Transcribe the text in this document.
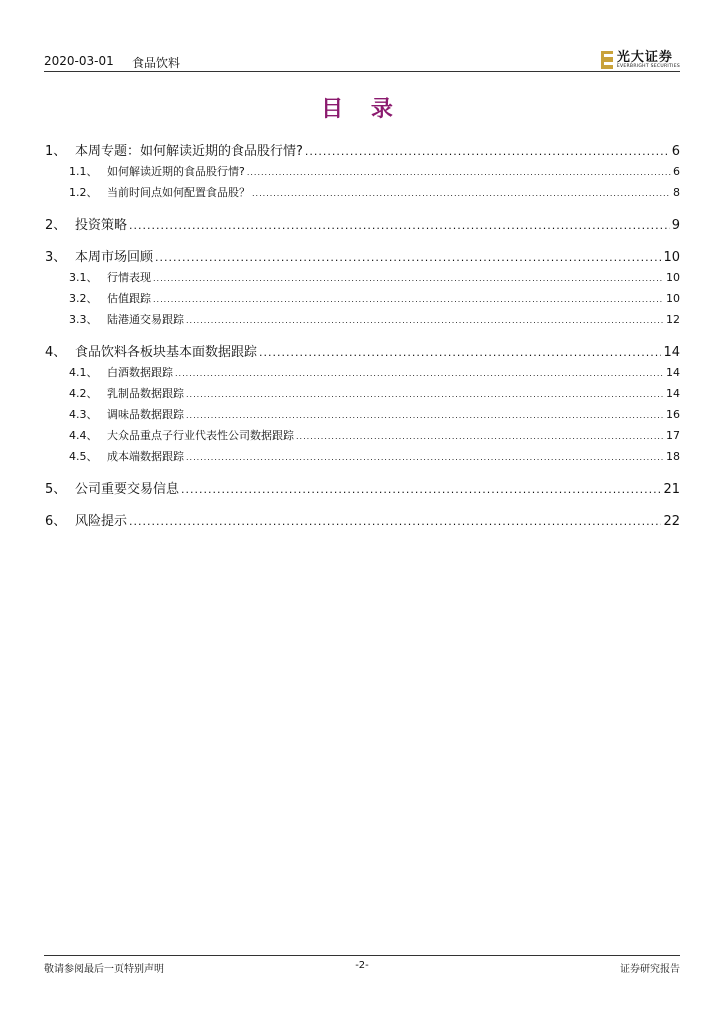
2020-03-01 食品饮料	光大证券
EVERBRIGHT SECURITIES
目 录
1、 本周专题：如何解读近期的食品股行情? .....	6
1.1、 如何解读近期的食品股行情? .....	6
1.2、 当前时间点如何配置食品股？ .....	8
2、 投资策略 .....	9
3、 本周市场回顾 .....	10
3.1、 行情表现 .....	10
3.2、 估值跟踪 .....	10
3.3、 陆港通交易跟踪 .....	12
4、 食品饮料各板块基本面数据跟踪 .....	14
4.1、 白酒数据跟踪 .....	14
4.2、 乳制品数据跟踪 .....	14
4.3、 调味品数据跟踪 .....	16
4.4、 大众品重点子行业代表性公司数据跟踪 .....	17
4.5、 成本端数据跟踪 .....	18
5、 公司重要交易信息 .....	21
6、 风险提示 .....	22
敬请参阅最后一页特别声明	-2-	证券研究报告
